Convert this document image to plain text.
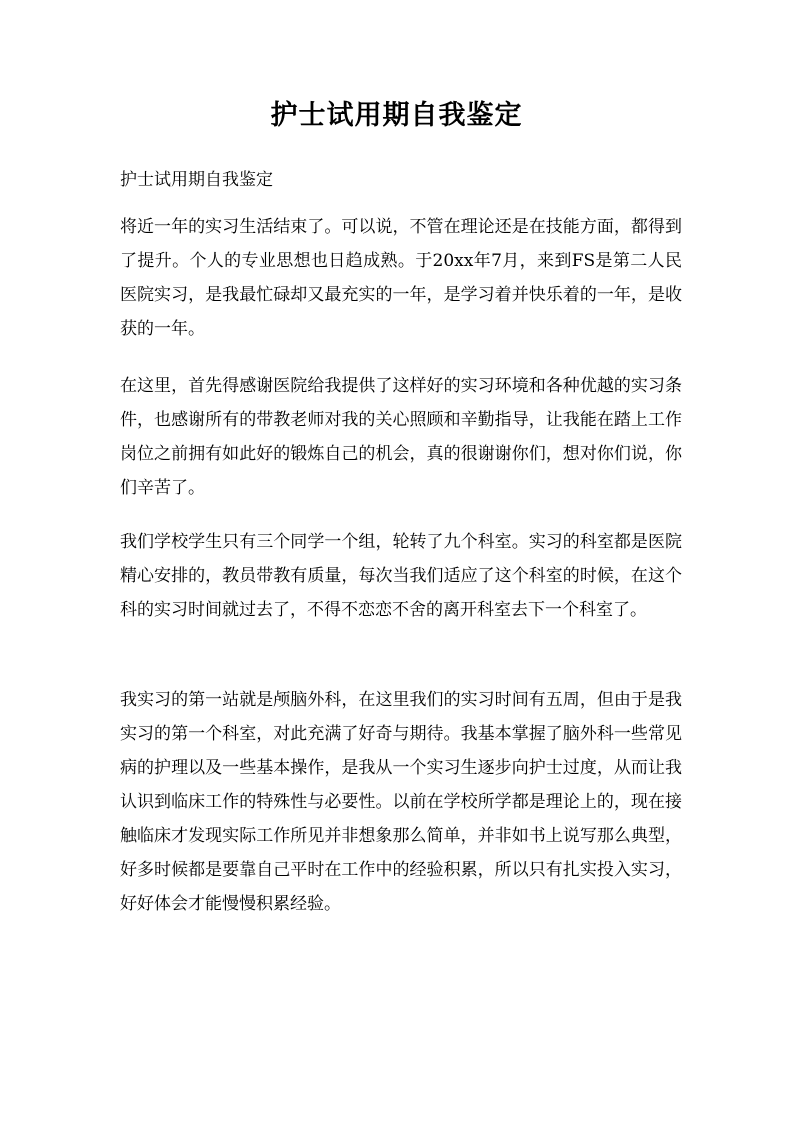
护士试用期自我鉴定
护士试用期自我鉴定

将近一年的实习生活结束了。可以说，不管在理论还是在技能方面，都得到了提升。个人的专业思想也日趋成熟。于20xx年7月，来到FS是第二人民医院实习，是我最忙碌却又最充实的一年，是学习着并快乐着的一年，是收获的一年。

在这里，首先得感谢医院给我提供了这样好的实习环境和各种优越的实习条件，也感谢所有的带教老师对我的关心照顾和辛勤指导，让我能在踏上工作岗位之前拥有如此好的锻炼自己的机会，真的很谢谢你们，想对你们说，你们辛苦了。

我们学校学生只有三个同学一个组，轮转了九个科室。实习的科室都是医院精心安排的，教员带教有质量，每次当我们适应了这个科室的时候，在这个科的实习时间就过去了，不得不恋恋不舍的离开科室去下一个科室了。

我实习的第一站就是颅脑外科，在这里我们的实习时间有五周，但由于是我实习的第一个科室，对此充满了好奇与期待。我基本掌握了脑外科一些常见病的护理以及一些基本操作，是我从一个实习生逐步向护士过度，从而让我认识到临床工作的特殊性与必要性。以前在学校所学都是理论上的，现在接触临床才发现实际工作所见并非想象那么简单，并非如书上说写那么典型，好多时候都是要靠自己平时在工作中的经验积累，所以只有扎实投入实习，好好体会才能慢慢积累经验。
